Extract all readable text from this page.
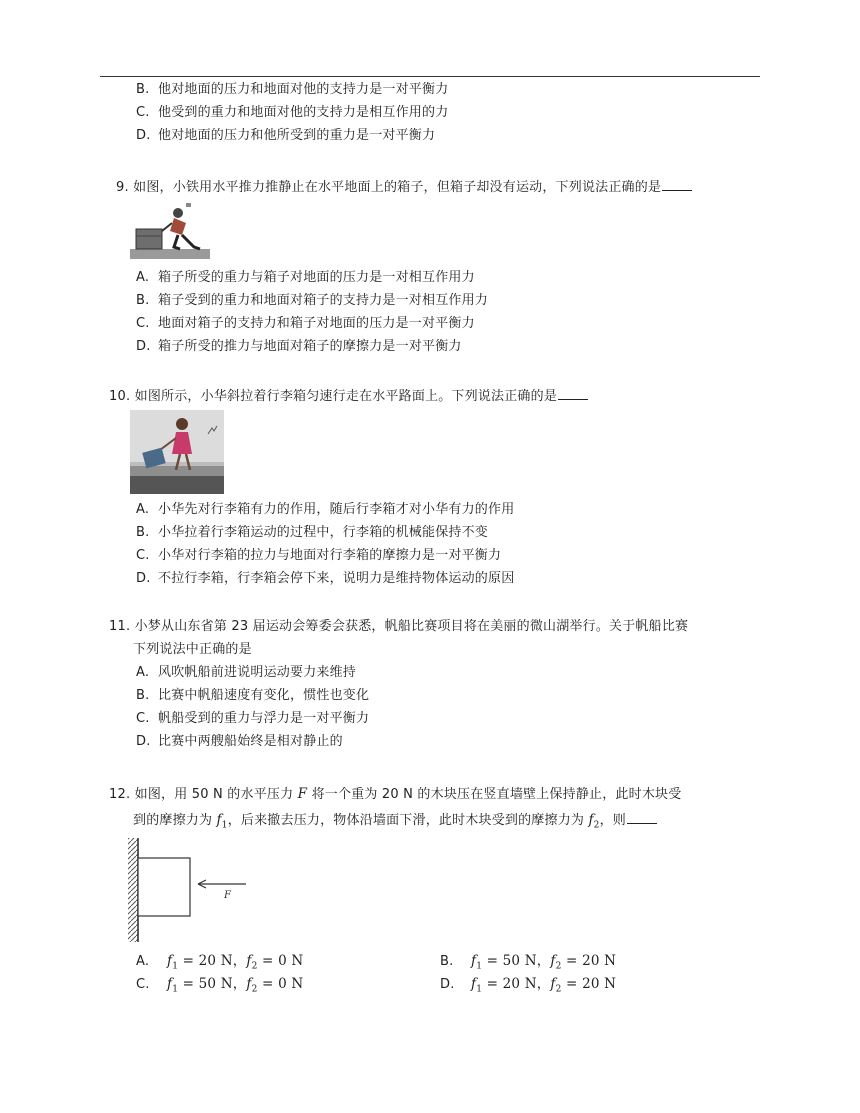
B. 他对地面的压力和地面对他的支持力是一对平衡力
C. 他受到的重力和地面对他的支持力是相互作用的力
D. 他对地面的压力和他所受到的重力是一对平衡力
9. 如图，小铁用水平推力推静止在水平地面上的箱子，但箱子却没有运动，下列说法正确的是
A. 箱子所受的重力与箱子对地面的压力是一对相互作用力
B. 箱子受到的重力和地面对箱子的支持力是一对相互作用力
C. 地面对箱子的支持力和箱子对地面的压力是一对平衡力
D. 箱子所受的推力与地面对箱子的摩擦力是一对平衡力
10. 如图所示，小华斜拉着行李箱匀速行走在水平路面上。下列说法正确的是
A. 小华先对行李箱有力的作用，随后行李箱才对小华有力的作用
B. 小华拉着行李箱运动的过程中，行李箱的机械能保持不变
C. 小华对行李箱的拉力与地面对行李箱的摩擦力是一对平衡力
D. 不拉行李箱，行李箱会停下来，说明力是维持物体运动的原因
11. 小梦从山东省第 23 届运动会筹委会获悉，帆船比赛项目将在美丽的微山湖举行。关于帆船比赛
下列说法中正确的是
A. 风吹帆船前进说明运动要力来维持
B. 比赛中帆船速度有变化，惯性也变化
C. 帆船受到的重力与浮力是一对平衡力
D. 比赛中两艘船始终是相对静止的
12. 如图，用 50 N 的水平压力 F 将一个重为 20 N 的木块压在竖直墙壁上保持静止，此时木块受
到的摩擦力为 $f_1$，后来撤去压力，物体沿墙面下滑，此时木块受到的摩擦力为 $f_2$，则
F
A. $f_1 = 20$ N，$f_2 = 0$ N	B. $f_1 = 50$ N，$f_2 = 20$ N
C. $f_1 = 50$ N，$f_2 = 0$ N	D. $f_1 = 20$ N，$f_2 = 20$ N
